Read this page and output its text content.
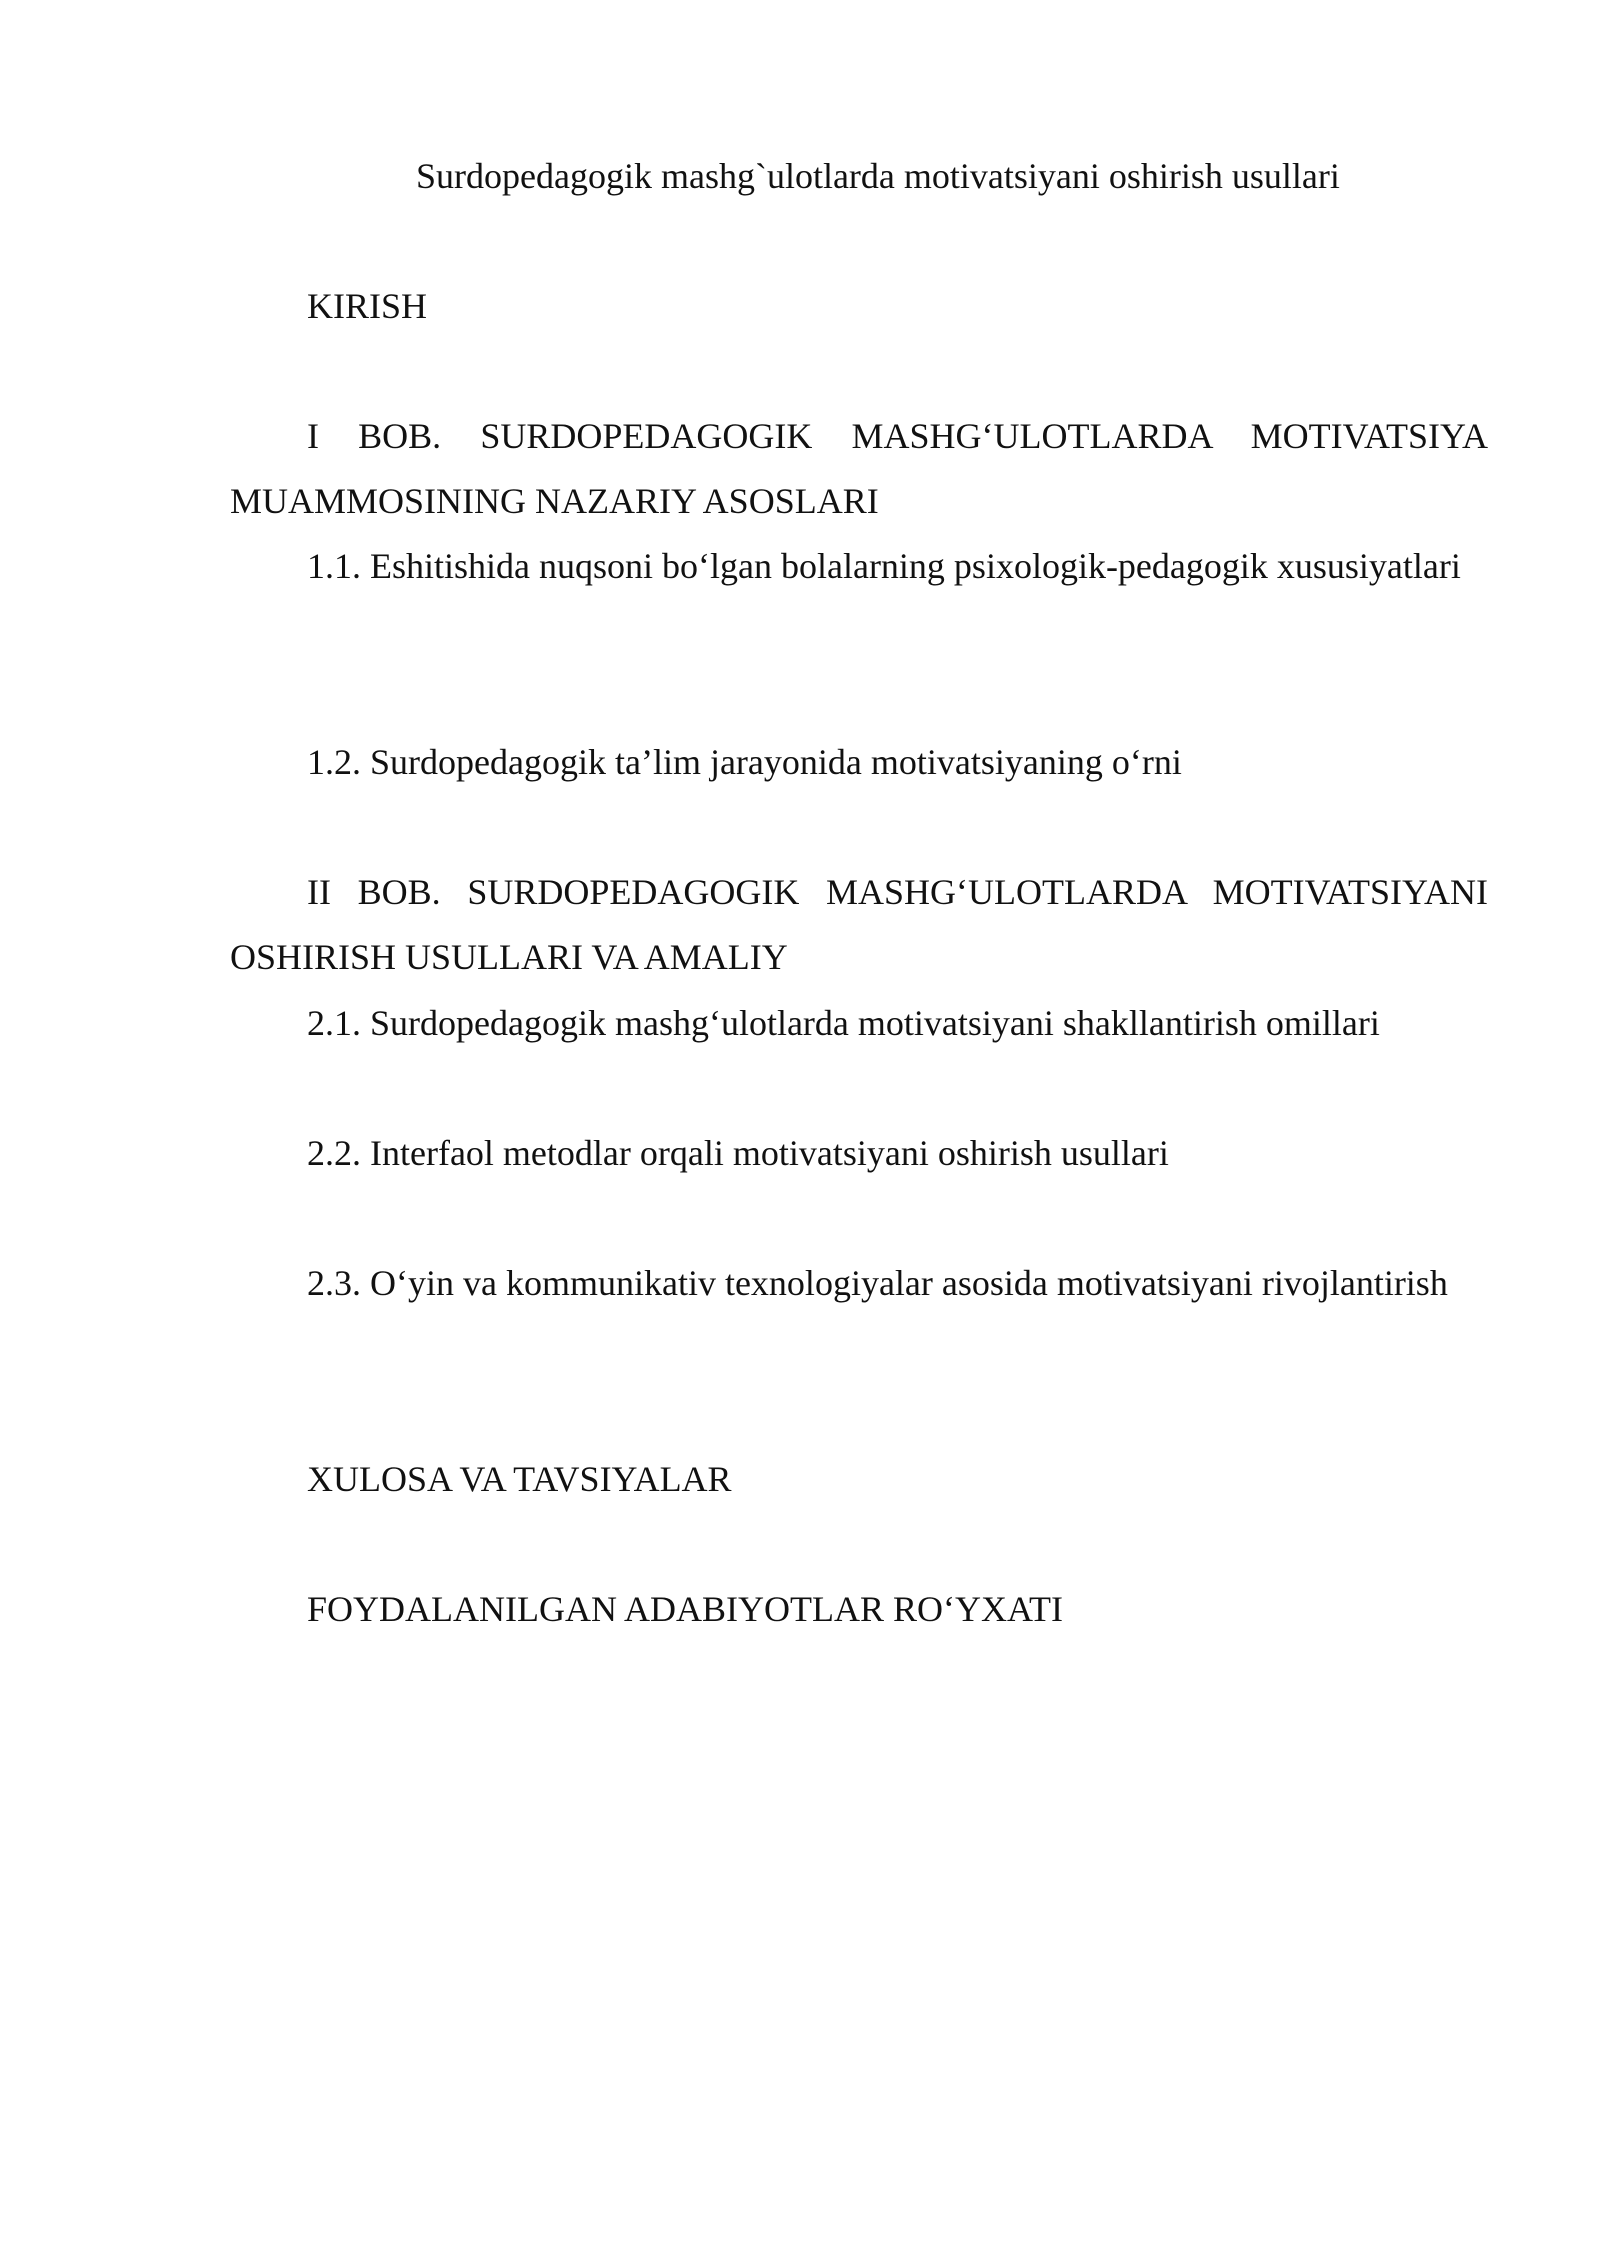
Surdopedagogik mashg`ulotlarda motivatsiyani oshirish usullari
KIRISH
I BOB. SURDOPEDAGOGIK MASHG‘ULOTLARDA MOTIVATSIYA MUAMMOSINING NAZARIY ASOSLARI
1.1. Eshitishida nuqsoni bo‘lgan bolalarning psixologik-pedagogik xususiyatlari
1.2. Surdopedagogik ta’lim jarayonida motivatsiyaning o‘rni
II BOB. SURDOPEDAGOGIK MASHG‘ULOTLARDA MOTIVATSIYANI OSHIRISH USULLARI VA AMALIY
2.1. Surdopedagogik mashg‘ulotlarda motivatsiyani shakllantirish omillari
2.2. Interfaol metodlar orqali motivatsiyani oshirish usullari
2.3. O‘yin va kommunikativ texnologiyalar asosida motivatsiyani rivojlantirish
XULOSA VA TAVSIYALAR
FOYDALANILGAN ADABIYOTLAR RO‘YXATI
